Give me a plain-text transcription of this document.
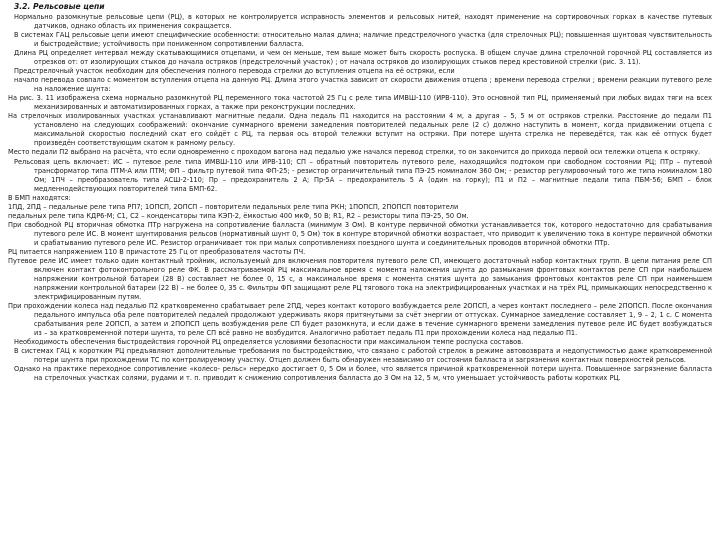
3.2. Рельсовые цепи

Нормально разомкнутые рельсовые цепи (РЦ), в которых не контролируется исправность элементов и рельсовых нитей, находят применение на сортировочных горках в качестве путевых датчиков, однако область их применения сокращается.

В системах ГАЦ рельсовые цепи имеют специфические особенности: относительно малая длина; наличие предстрелочного участка (для стрелочных РЦ); повышенная шунтовая чувствительность и быстродействие; устойчивость при пониженном сопротивлении балласта.

Длина РЦ определяет интервал между скатывающимися отцепами, и чем он меньше, тем выше может быть скорость роспуска. В общем случае длина стрелочной горочной РЦ составляется из отрезков от: от изолирующих стыков до начала остряков (предстрелочный участок) ; от начала остряков до изолирующих стыков перед крестовиной стрелки (рис. 3. 11).

Предстрелочный участок необходим для обеспечения полного перевода стрелки до вступления отцепа на её остряки, если

начало перевода совпало с моментом вступления отцепа на данную РЦ. Длина этого участка зависит от скорости движения отцепа ; времени перевода стрелки ; времени реакции путевого реле на наложение шунта:

На рис. 3. 11 изображена схема нормально разомкнутой РЦ переменного тока частотой 25 Гц с реле типа ИМВШ-110 (ИРВ-110). Это основной тип РЦ, применяемый при любых видах тяги на всех механизированных и автоматизированных горках, а также при реконструкции последних.

На стрелочных изолированных участках устанавливают магнитные педали. Одна педаль П1 находится на расстоянии 4 м, а другая – 5, 5 м от остряков стрелки. Расстояние до педали П1 установлено на следующих соображений: окончание суммарного времени замедления повторителей педальных реле (2 с) должно наступить в момент, когда придвижении отцепа с максимальной скоростью последний скат его сойдёт с РЦ, та первая ось второй тележки вступит на остряки. При потере шунта стрелка не переведётся, так как её отпуск будет произведён соответствующим скатом к рамному рельсу.

Место педали П2 выбрано на расчёта, что если одновременно с проходом вагона над педалью уже начался перевод стрелки, то он закончится до прихода первой оси тележки отцепа к остряку.

Рельсовая цепь включает: ИС – путевое реле типа ИМВШ-110 или ИРВ-110; СП – обратный повторитель путевого реле, находящийся подтоком при свободном состоянии РЦ; ПТр – путевой трансформатор типа ПТМ-А или ПТМ; ФП – фильтр путевой типа ФП-25; - резистор ограничительный типа ПЭ-25 номиналом 360 Ом; - резистор регулировочный того же типа номиналом 180 Ом; 1ПЧ – преобразователь типа АСШ-2-110; Пр – предохранитель 2 А; Пр-5А – предохранитель 5 А (один на горку); П1 и П2 – магнитные педали типа ПБМ-56; БМП – блок медленнодействующих повторителей типа БМП-62.

В БМП находятся:

1ПД, 2ПД – педальные реле типа РП7; 1ОПСП, 2ОПСП – повторители педальных реле типа РКН; 1ПОПСП, 2ПОПСП повторители

педальных реле типа КДР6-М; С1, С2 – конденсаторы типа КЭП-2, ёмкостью 400 мкФ, 50 В; R1, R2 – резисторы типа ПЭ-25, 50 Ом.

При свободной РЦ вторичная обмотка ПТр нагружена на сопротивление балласта (минимум 3 Ом). В контуре первичной обмотки устанавливается ток, которого недостаточно для срабатывания путевого реле ИС. В момент шунтирования рельсов (нормативный шунт 0, 5 Ом) ток в контуре вторичной обмотки возрастает, что приводит к увеличению тока в контуре первичной обмотки и срабатыванию путевого реле ИС. Резистор ограничивает ток при малых сопротивлениях поездного шунта и соединительных проводов вторичной обмотки ПТр.

РЦ питается напряжением 110 В причастоте 25 Гц от преобразователя частоты ПЧ.

Путевое реле ИС имеет только один контактный тройник, используемый для включения повторителя путевого реле СП, имеющего достаточный набор контактных групп. В цепи питания реле СП включен контакт фотоконтрольного реле ФК. В рассматриваемой РЦ максимальное время с момента наложения шунта до размыкания фронтовых контактов реле СП при наибольшем напряжении контрольной батареи (28 В) составляет не более 0, 15 с, а максимальное время с момента снятия шунта до замыкания фронтовых контактов реле СП при наименьшем напряжении контрольной батареи (22 В) – не более 0, 35 с. Фильтры ФП защищают реле РЦ тягового тока на электрифицированных участках и на трёх РЦ, примыкающих непосредственно к электрифицированным путям.

При прохождении колеса над педалью П2 кратковременно срабатывает реле 2ПД, через контакт которого возбуждается реле 2ОПСП, а через контакт последнего – реле 2ПОПСП. После окончания педального импульса оба реле повторителей педалей продолжают удерживать якоря притянутыми за счёт энергии от оттусках. Суммарное замедление составляет 1, 9 – 2, 1 с. С момента срабатывания реле 2ОПСП, а затем и 2ПОПСП цепь возбуждения реле СП будет разомкнута, и если даже в течение суммарного времени замедления путевое реле ИС будет возбуждаться из – за кратковременной потери шунта, то реле СП всё равно не возбудится. Аналогично работает педаль П1 при прохождении колеса над педалью П1.

Необходимость обеспечения быстродействия горочной РЦ определяется условиями безопасности при максимальном темпе роспуска составов.

В системах ГАЦ к коротким РЦ предъявляют дополнительные требования по быстродействию, что связано с работой стрелок в режиме автовозврата и недопустимостью даже кратковременной потери шунта при прохождении ТС по контролируемому участку. Отцеп должен быть обнаружен независимо от состояния балласта и загрязнения контактных поверхностей рельсов.

Однако на практике переходное сопротивление «колесо- рельс» нередко достигает 0, 5 Ом и более, что является причиной кратковременной потери шунта. Повышенное загрязнение балласта на стрелочных участках солями, рудами и т. п. приводит к снижению сопротивления балласта до 3 Ом на 12, 5 м, что уменьшает устойчивость работы коротких РЦ.
